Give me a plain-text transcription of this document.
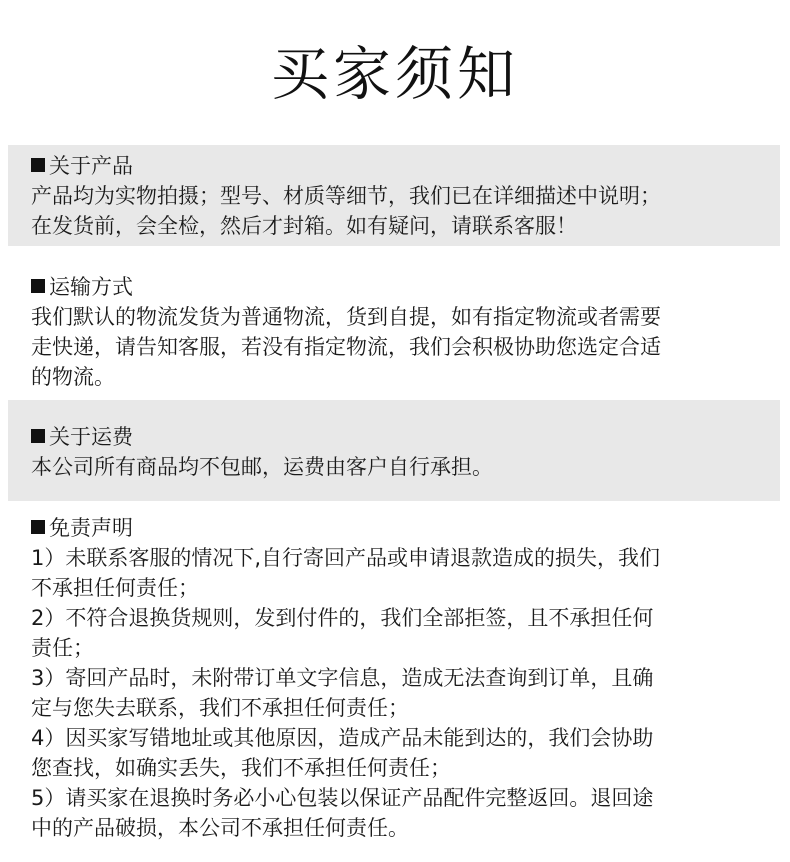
买家须知
关于产品
产品均为实物拍摄；型号、材质等细节，我们已在详细描述中说明；
在发货前，会全检，然后才封箱。如有疑问，请联系客服！
运输方式
我们默认的物流发货为普通物流，货到自提，如有指定物流或者需要
走快递，请告知客服，若没有指定物流，我们会积极协助您选定合适
的物流。
关于运费
本公司所有商品均不包邮，运费由客户自行承担。
免责声明
1）未联系客服的情况下,自行寄回产品或申请退款造成的损失，我们
不承担任何责任；
2）不符合退换货规则，发到付件的，我们全部拒签，且不承担任何
责任；
3）寄回产品时，未附带订单文字信息，造成无法查询到订单，且确
定与您失去联系，我们不承担任何责任；
4）因买家写错地址或其他原因，造成产品未能到达的，我们会协助
您查找，如确实丢失，我们不承担任何责任；
5）请买家在退换时务必小心包装以保证产品配件完整返回。退回途
中的产品破损，本公司不承担任何责任。
